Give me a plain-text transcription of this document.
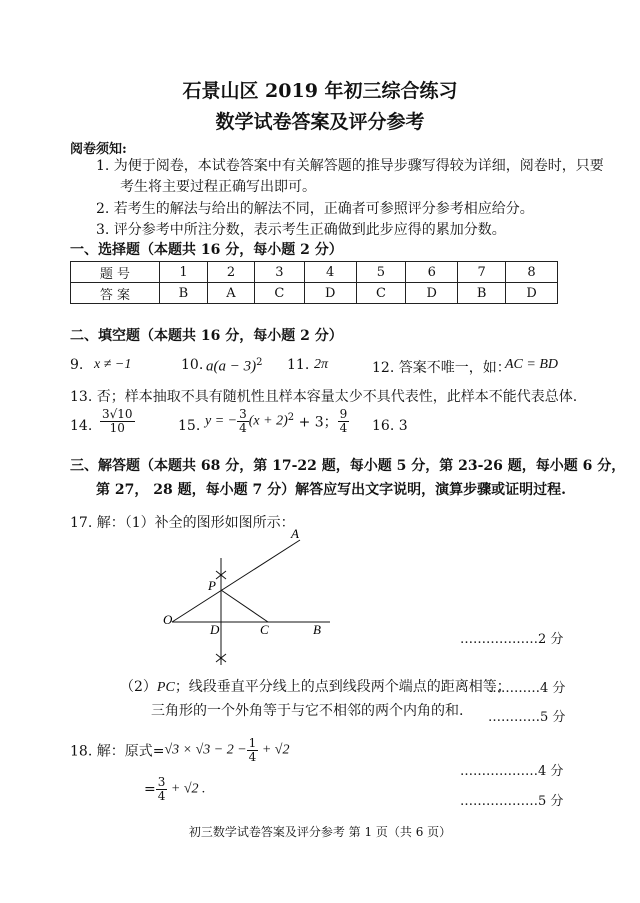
石景山区 2019 年初三综合练习
数学试卷答案及评分参考
阅卷须知:
1. 为便于阅卷，本试卷答案中有关解答题的推导步骤写得较为详细，阅卷时，只要
考生将主要过程正确写出即可。
2. 若考生的解法与给出的解法不同，正确者可参照评分参考相应给分。
3. 评分参考中所注分数，表示考生正确做到此步应得的累加分数。
一、选择题（本题共 16 分，每小题 2 分）
题 号	1	2	3	4	5	6	7	8
答 案	B	A	C	D	C	D	B	D
二、填空题（本题共 16 分，每小题 2 分）
9. x ≠ −1	10. $a(a - 3)^2$ 11. 2π	12. 答案不唯一，如：
AC = BD
13. 否；样本抽取不具有随机性且样本容量太少不具代表性，此样本不能代表总体.
14. $\frac{3√10}{10}$	15. y = − $\frac{3}{4} (x + 2)^2 + 3$； $\frac{9}{4} 16$. 3
三、解答题（本题共 68 分，第 17-22 题，每小题 5 分，第 23-26 题，每小题 6 分，
第 27， 28 题，每小题 7 分）解答应写出文字说明，演算步骤或证明过程.
17. 解：（1）补全的图形如图所示：
A
P
O
D	C	B
………………2 分
（2）PC；线段垂直平分线上的点到线段两个端点的距离相等；
…………4 分
三角形的一个外角等于与它不相邻的两个内角的和. …………5 分
18. 解：原式$=√3 \times √3 - 2 - \frac{1}{4} + √2$
………………4 分
= $\frac{3}{4} + √2$ .
………………5 分
初三数学试卷答案及评分参考 第 1 页（共 6 页）
